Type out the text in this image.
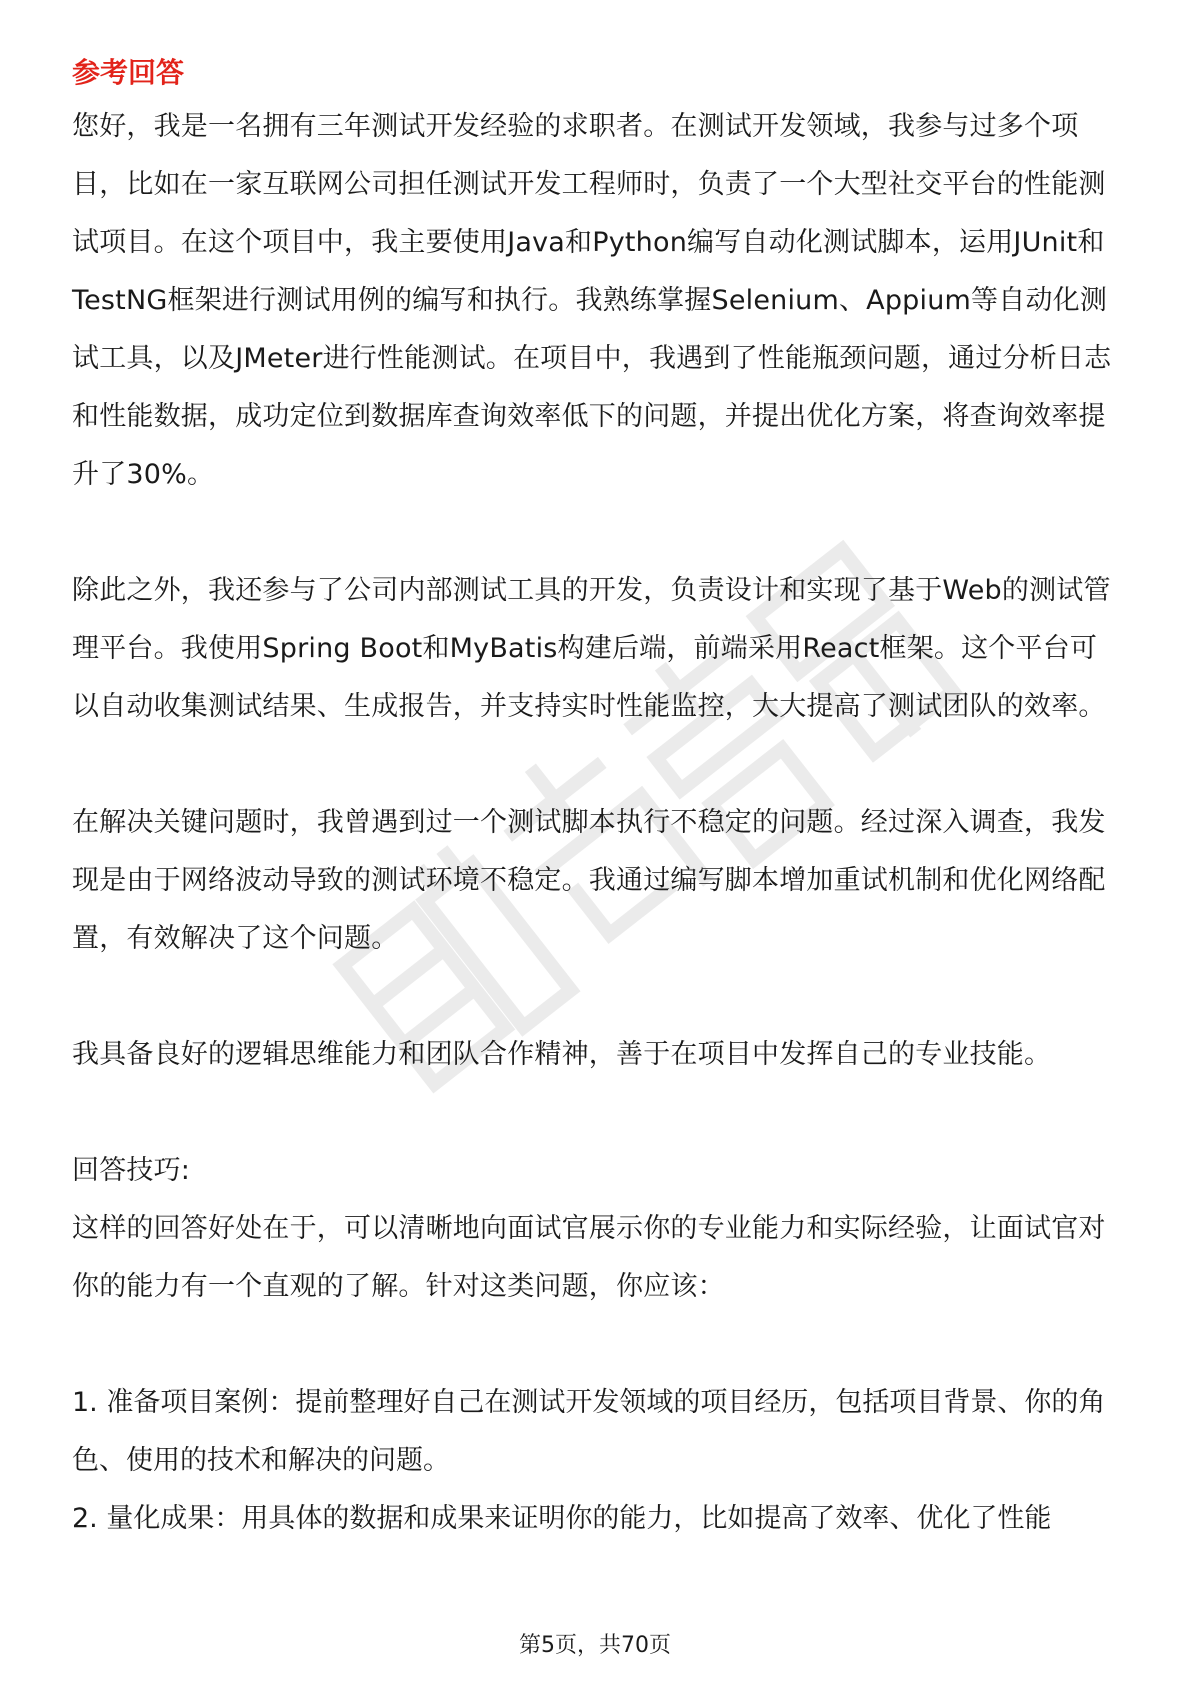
参考回答

您好，我是一名拥有三年测试开发经验的求职者。在测试开发领域，我参与过多个项目，比如在一家互联网公司担任测试开发工程师时，负责了一个大型社交平台的性能测试项目。在这个项目中，我主要使用Java和Python编写自动化测试脚本，运用JUnit和TestNG框架进行测试用例的编写和执行。我熟练掌握Selenium、Appium等自动化测试工具，以及JMeter进行性能测试。在项目中，我遇到了性能瓶颈问题，通过分析日志和性能数据，成功定位到数据库查询效率低下的问题，并提出优化方案，将查询效率提升了30%。

除此之外，我还参与了公司内部测试工具的开发，负责设计和实现了基于Web的测试管理平台。我使用Spring Boot和MyBatis构建后端，前端采用React框架。这个平台可以自动收集测试结果、生成报告，并支持实时性能监控，大大提高了测试团队的效率。

在解决关键问题时，我曾遇到过一个测试脚本执行不稳定的问题。经过深入调查，我发现是由于网络波动导致的测试环境不稳定。我通过编写脚本增加重试机制和优化网络配置，有效解决了这个问题。

我具备良好的逻辑思维能力和团队合作精神，善于在项目中发挥自己的专业技能。

回答技巧:

这样的回答好处在于，可以清晰地向面试官展示你的专业能力和实际经验，让面试官对你的能力有一个直观的了解。针对这类问题，你应该：

1. 准备项目案例：提前整理好自己在测试开发领域的项目经历，包括项目背景、你的角色、使用的技术和解决的问题。

2. 量化成果：用具体的数据和成果来证明你的能力，比如提高了效率、优化了性能

第5页，共70页
